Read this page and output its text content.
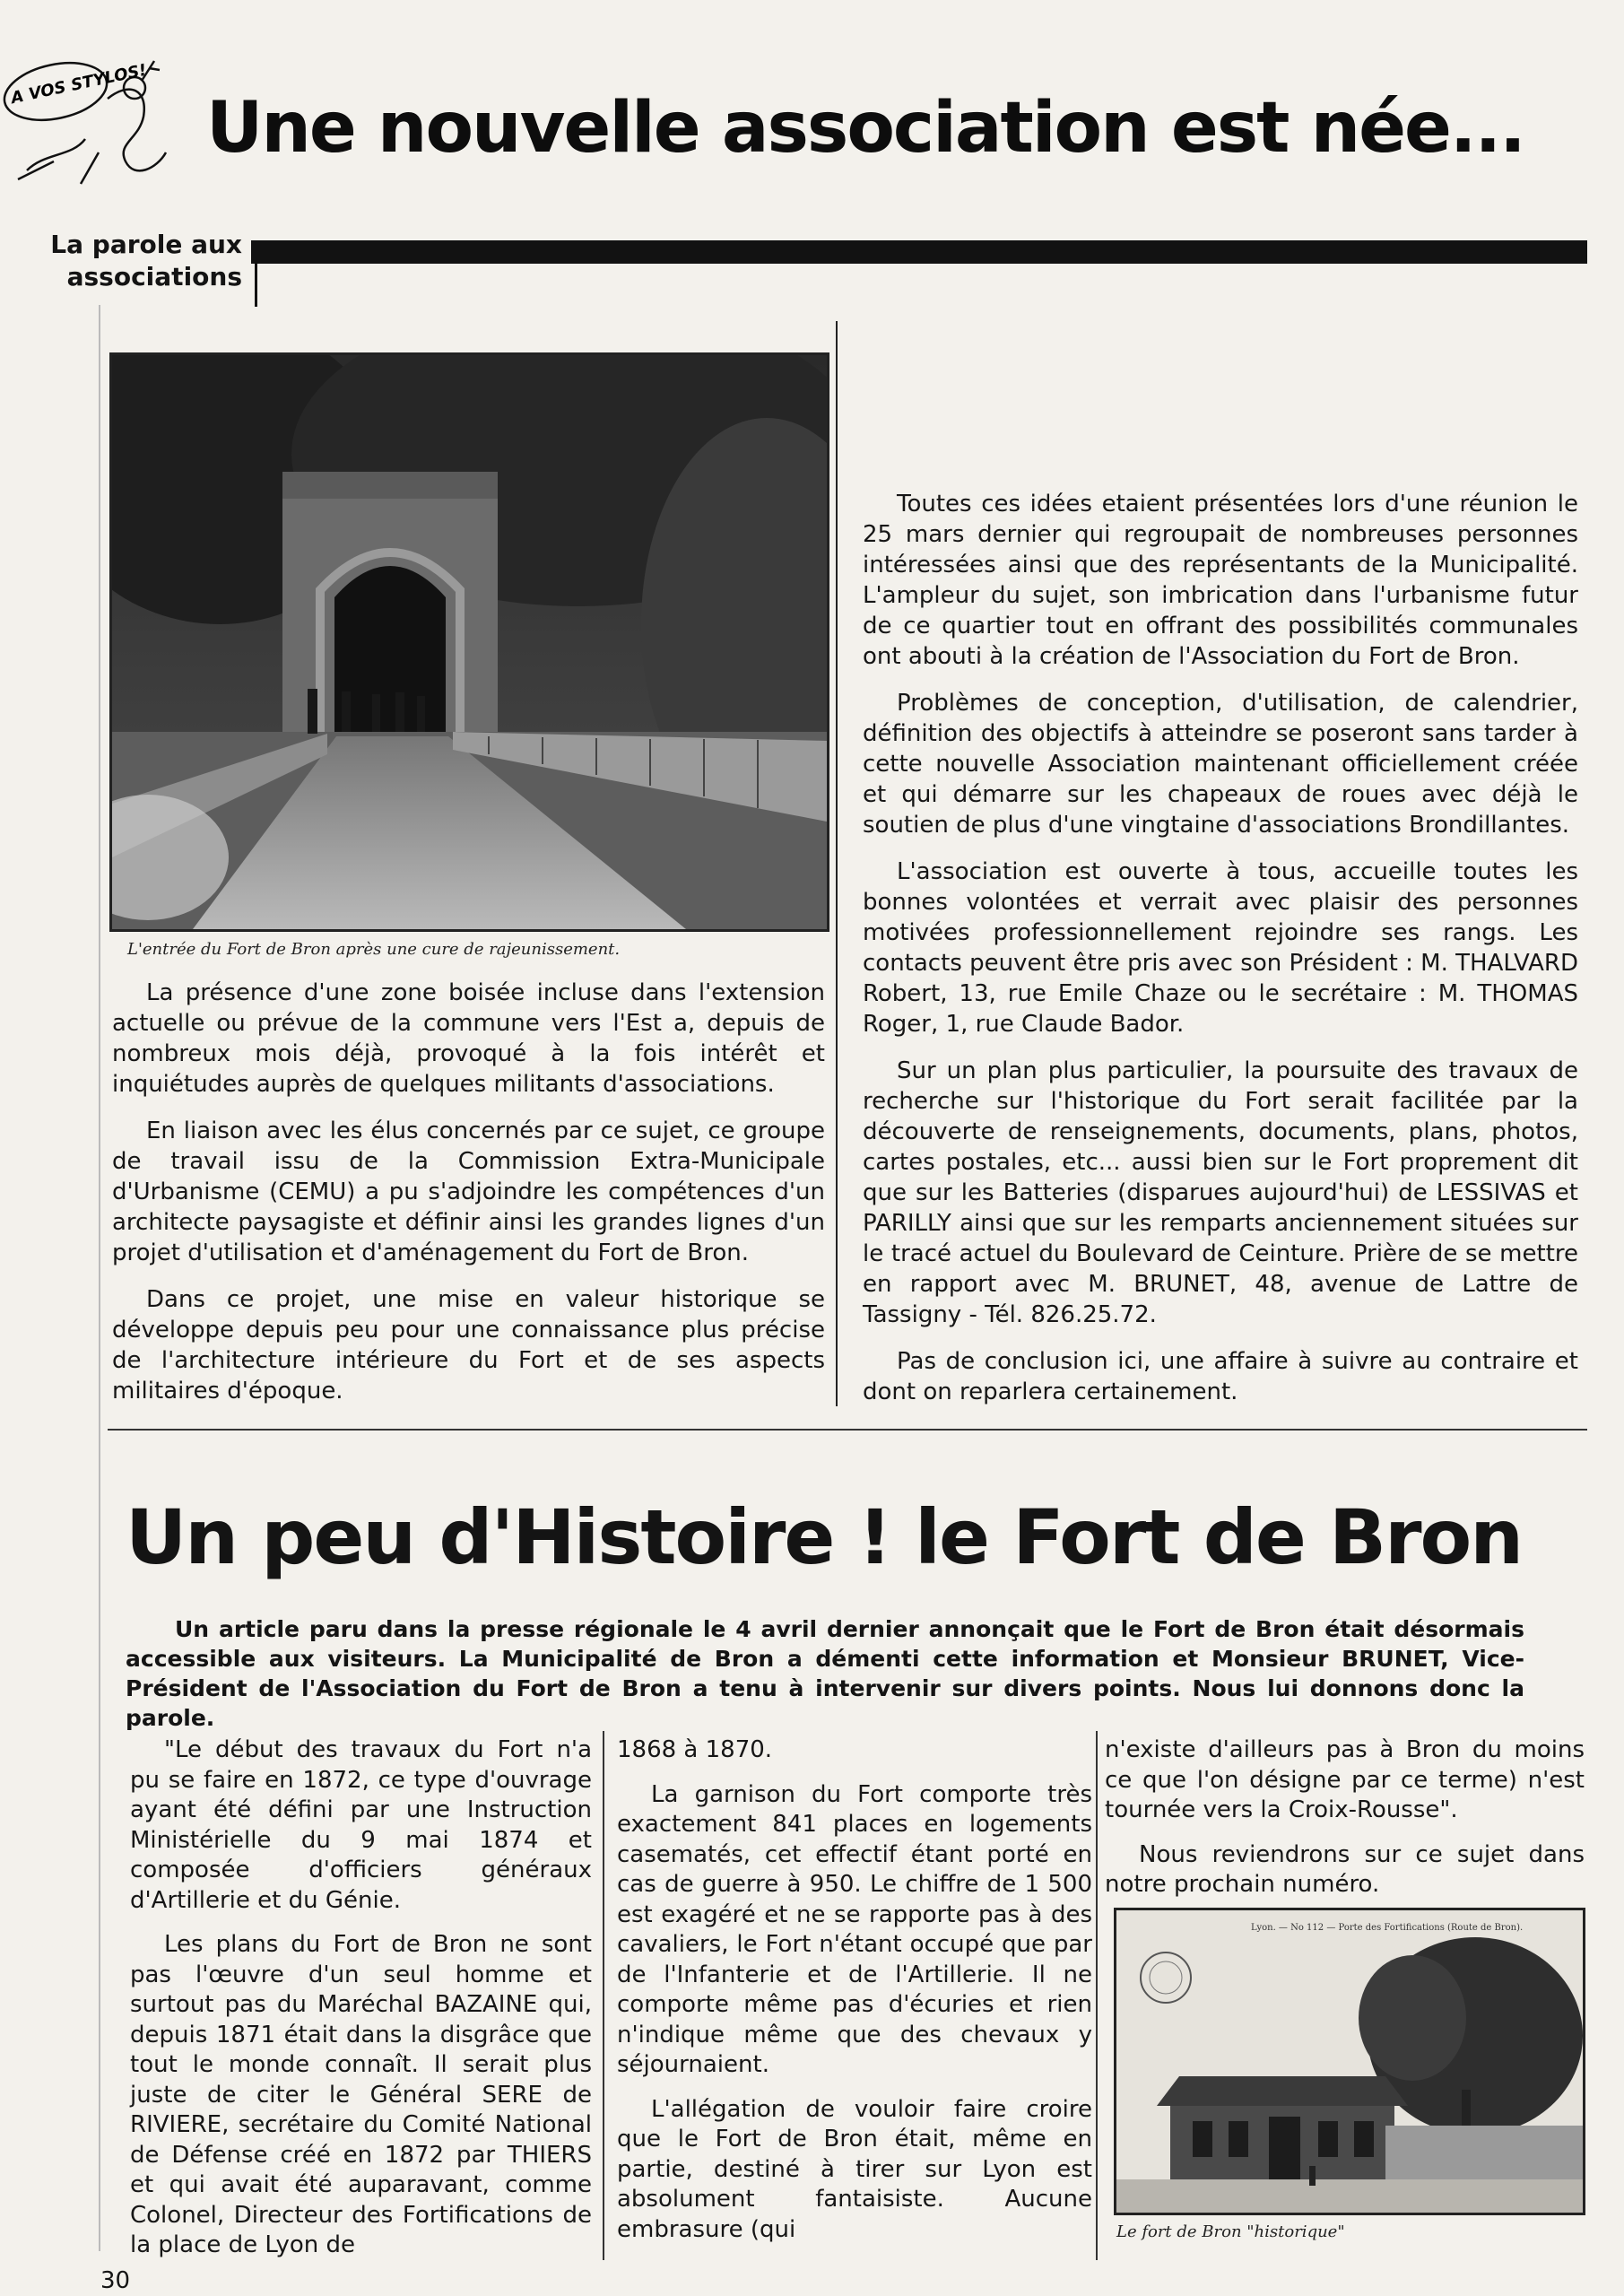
A VOS STYLOS!
Une nouvelle association est née...
La parole aux
associations
L'entrée du Fort de Bron après une cure de rajeunissement.

La présence d'une zone boisée incluse dans l'extension actuelle ou prévue de la commune vers l'Est a, depuis de nombreux mois déjà, provoqué à la fois intérêt et inquiétudes auprès de quelques militants d'associations.

En liaison avec les élus concernés par ce sujet, ce groupe de travail issu de la Commission Extra-Municipale d'Urbanisme (CEMU) a pu s'adjoindre les compétences d'un architecte paysagiste et définir ainsi les grandes lignes d'un projet d'utilisation et d'aménagement du Fort de Bron.

Dans ce projet, une mise en valeur historique se développe depuis peu pour une connaissance plus précise de l'architecture intérieure du Fort et de ses aspects militaires d'époque.

Toutes ces idées etaient présentées lors d'une réunion le 25 mars dernier qui regroupait de nombreuses personnes intéressées ainsi que des représentants de la Municipalité. L'ampleur du sujet, son imbrication dans l'urbanisme futur de ce quartier tout en offrant des possibilités communales ont abouti à la création de l'Association du Fort de Bron.

Problèmes de conception, d'utilisation, de calendrier, définition des objectifs à atteindre se poseront sans tarder à cette nouvelle Association maintenant officiellement créée et qui démarre sur les chapeaux de roues avec déjà le soutien de plus d'une vingtaine d'associations Brondillantes.

L'association est ouverte à tous, accueille toutes les bonnes volontées et verrait avec plaisir des personnes motivées professionnellement rejoindre ses rangs. Les contacts peuvent être pris avec son Président : M. THALVARD Robert, 13, rue Emile Chaze ou le secrétaire : M. THOMAS Roger, 1, rue Claude Bador.

Sur un plan plus particulier, la poursuite des travaux de recherche sur l'historique du Fort serait facilitée par la découverte de renseignements, documents, plans, photos, cartes postales, etc... aussi bien sur le Fort proprement dit que sur les Batteries (disparues aujourd'hui) de LESSIVAS et PARILLY ainsi que sur les remparts anciennement situées sur le tracé actuel du Boulevard de Ceinture. Prière de se mettre en rapport avec M. BRUNET, 48, avenue de Lattre de Tassigny - Tél. 826.25.72.

Pas de conclusion ici, une affaire à suivre au contraire et dont on reparlera certainement.

Un peu d'Histoire ! le Fort de Bron
Un article paru dans la presse régionale le 4 avril dernier annonçait que le Fort de Bron était désormais accessible aux visiteurs. La Municipalité de Bron a démenti cette information et Monsieur BRUNET, Vice-Président de l'Association du Fort de Bron a tenu à intervenir sur divers points. Nous lui donnons donc la parole.

"Le début des travaux du Fort n'a pu se faire en 1872, ce type d'ouvrage ayant été défini par une Instruction Ministérielle du 9 mai 1874 et composée d'officiers généraux d'Artillerie et du Génie.

Les plans du Fort de Bron ne sont pas l'œuvre d'un seul homme et surtout pas du Maréchal BAZAINE qui, depuis 1871 était dans la disgrâce que tout le monde connaît. Il serait plus juste de citer le Général SERE de RIVIERE, secrétaire du Comité National de Défense créé en 1872 par THIERS et qui avait été auparavant, comme Colonel, Directeur des Fortifications de la place de Lyon de

1868 à 1870.

La garnison du Fort comporte très exactement 841 places en logements casematés, cet effectif étant porté en cas de guerre à 950. Le chiffre de 1 500 est exagéré et ne se rapporte pas à des cavaliers, le Fort n'étant occupé que par de l'Infanterie et de l'Artillerie. Il ne comporte même pas d'écuries et rien n'indique même que des chevaux y séjournaient.

L'allégation de vouloir faire croire que le Fort de Bron était, même en partie, destiné à tirer sur Lyon est absolument fantaisiste. Aucune embrasure (qui

n'existe d'ailleurs pas à Bron du moins ce que l'on désigne par ce terme) n'est tournée vers la Croix-Rousse".

Nous reviendrons sur ce sujet dans notre prochain numéro.

Lyon. — No 112 — Porte des Fortifications (Route de Bron).
Le fort de Bron "historique"
30
